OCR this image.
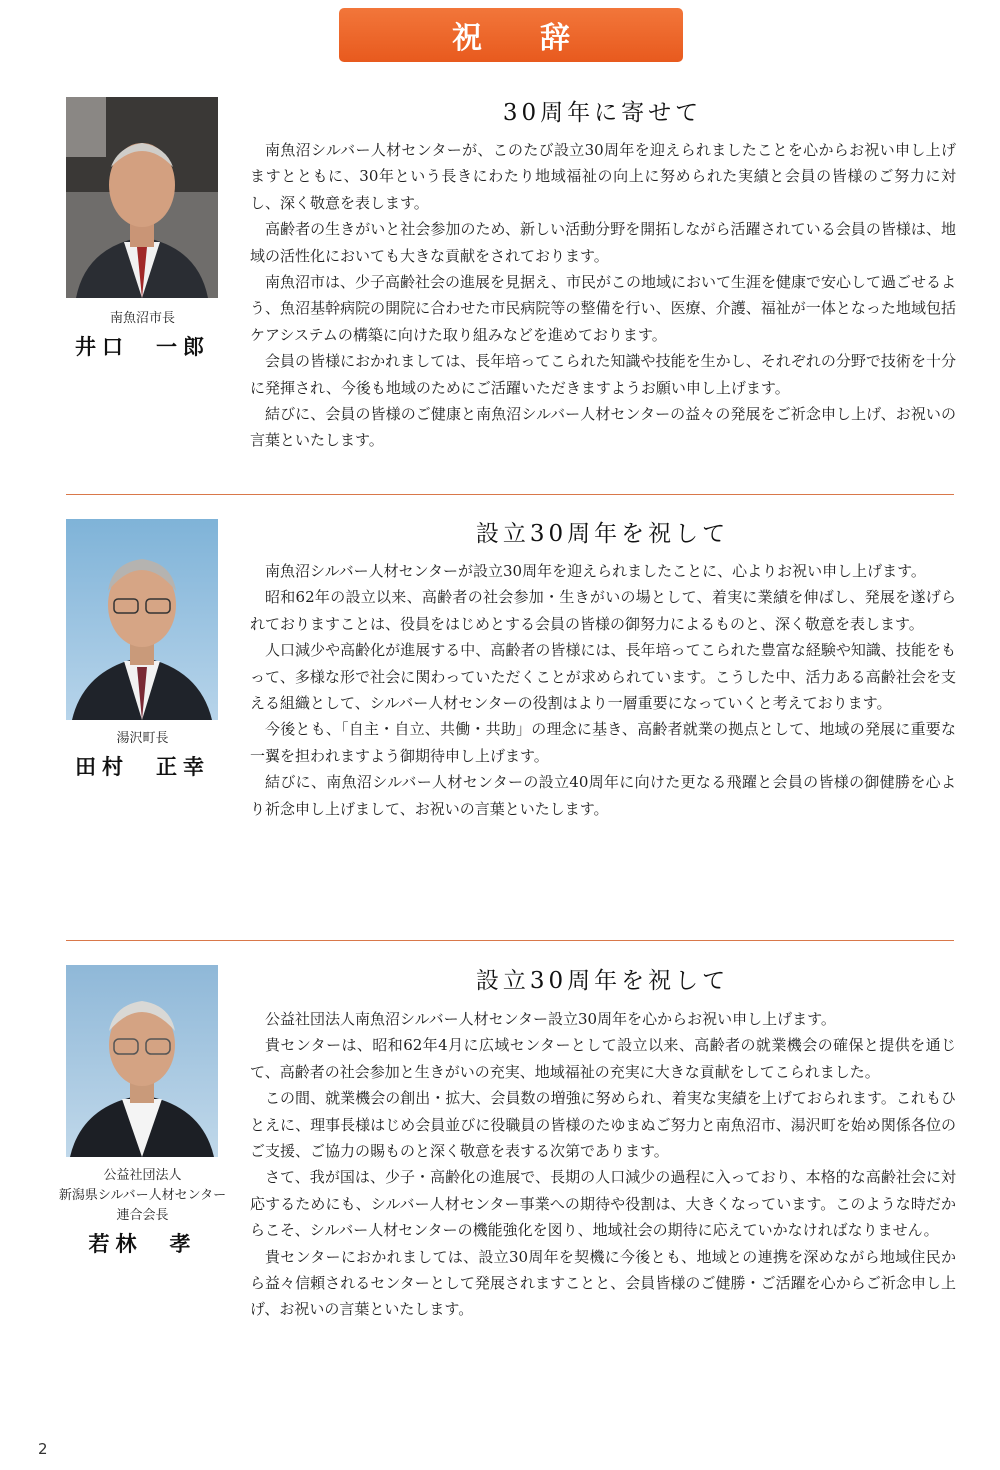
祝　辞
南魚沼市長
井口　一郎
30周年に寄せて

南魚沼シルバー人材センターが、このたび設立30周年を迎えられましたことを心からお祝い申し上げますとともに、30年という長きにわたり地域福祉の向上に努められた実績と会員の皆様のご努力に対し、深く敬意を表します。

高齢者の生きがいと社会参加のため、新しい活動分野を開拓しながら活躍されている会員の皆様は、地域の活性化においても大きな貢献をされております。

南魚沼市は、少子高齢社会の進展を見据え、市民がこの地域において生涯を健康で安心して過ごせるよう、魚沼基幹病院の開院に合わせた市民病院等の整備を行い、医療、介護、福祉が一体となった地域包括ケアシステムの構築に向けた取り組みなどを進めております。

会員の皆様におかれましては、長年培ってこられた知識や技能を生かし、それぞれの分野で技術を十分に発揮され、今後も地域のためにご活躍いただきますようお願い申し上げます。

結びに、会員の皆様のご健康と南魚沼シルバー人材センターの益々の発展をご祈念申し上げ、お祝いの言葉といたします。

湯沢町長
田村　正幸
設立30周年を祝して

南魚沼シルバー人材センターが設立30周年を迎えられましたことに、心よりお祝い申し上げます。

昭和62年の設立以来、高齢者の社会参加・生きがいの場として、着実に業績を伸ばし、発展を遂げられておりますことは、役員をはじめとする会員の皆様の御努力によるものと、深く敬意を表します。

人口減少や高齢化が進展する中、高齢者の皆様には、長年培ってこられた豊富な経験や知識、技能をもって、多様な形で社会に関わっていただくことが求められています。こうした中、活力ある高齢社会を支える組織として、シルバー人材センターの役割はより一層重要になっていくと考えております。

今後とも、「自主・自立、共働・共助」の理念に基き、高齢者就業の拠点として、地域の発展に重要な一翼を担われますよう御期待申し上げます。

結びに、南魚沼シルバー人材センターの設立40周年に向けた更なる飛躍と会員の皆様の御健勝を心より祈念申し上げまして、お祝いの言葉といたします。

公益社団法人
新潟県シルバー人材センター
連合会長
若林　孝
設立30周年を祝して

公益社団法人南魚沼シルバー人材センター設立30周年を心からお祝い申し上げます。

貴センターは、昭和62年4月に広域センターとして設立以来、高齢者の就業機会の確保と提供を通じて、高齢者の社会参加と生きがいの充実、地域福祉の充実に大きな貢献をしてこられました。

この間、就業機会の創出・拡大、会員数の増強に努められ、着実な実績を上げておられます。これもひとえに、理事長様はじめ会員並びに役職員の皆様のたゆまぬご努力と南魚沼市、湯沢町を始め関係各位のご支援、ご協力の賜ものと深く敬意を表する次第であります。

さて、我が国は、少子・高齢化の進展で、長期の人口減少の過程に入っており、本格的な高齢社会に対応するためにも、シルバー人材センター事業への期待や役割は、大きくなっています。このような時だからこそ、シルバー人材センターの機能強化を図り、地域社会の期待に応えていかなければなりません。

貴センターにおかれましては、設立30周年を契機に今後とも、地域との連携を深めながら地域住民から益々信頼されるセンターとして発展されますことと、会員皆様のご健勝・ご活躍を心からご祈念申し上げ、お祝いの言葉といたします。

2
